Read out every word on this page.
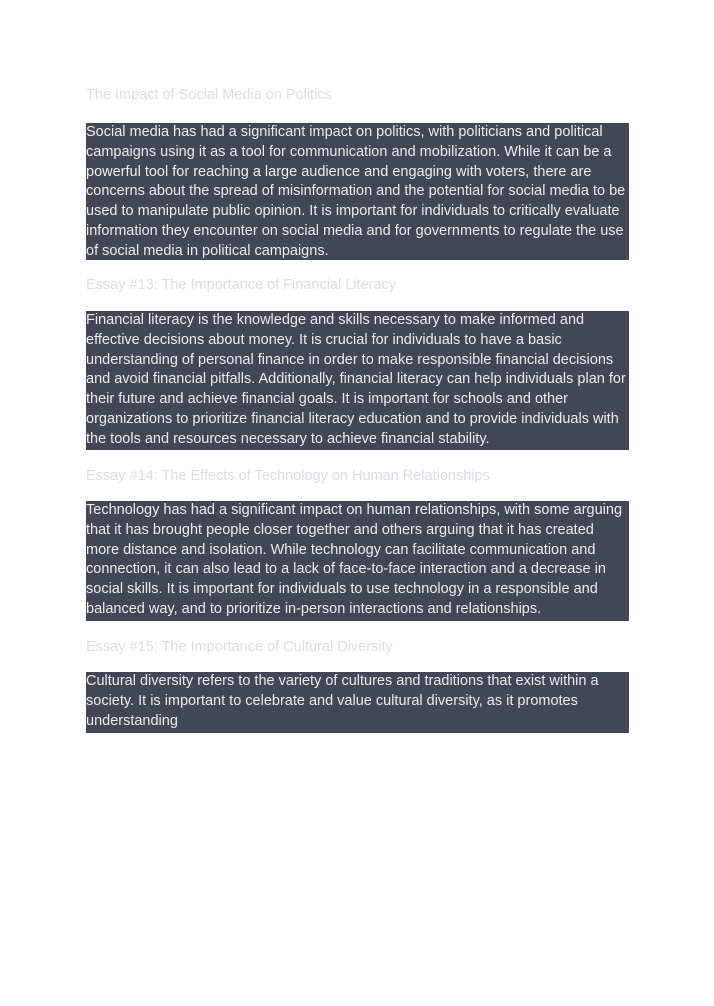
The Impact of Social Media on Politics

Social media has had a significant impact on politics, with politicians and political campaigns using it as a tool for communication and mobilization. While it can be a powerful tool for reaching a large audience and engaging with voters, there are concerns about the spread of misinformation and the potential for social media to be used to manipulate public opinion. It is important for individuals to critically evaluate information they encounter on social media and for governments to regulate the use of social media in political campaigns.

Essay #13: The Importance of Financial Literacy

Financial literacy is the knowledge and skills necessary to make informed and effective decisions about money. It is crucial for individuals to have a basic understanding of personal finance in order to make responsible financial decisions and avoid financial pitfalls. Additionally, financial literacy can help individuals plan for their future and achieve financial goals. It is important for schools and other organizations to prioritize financial literacy education and to provide individuals with the tools and resources necessary to achieve financial stability.

Essay #14: The Effects of Technology on Human Relationships

Technology has had a significant impact on human relationships, with some arguing that it has brought people closer together and others arguing that it has created more distance and isolation. While technology can facilitate communication and connection, it can also lead to a lack of face-to-face interaction and a decrease in social skills. It is important for individuals to use technology in a responsible and balanced way, and to prioritize in-person interactions and relationships.

Essay #15: The Importance of Cultural Diversity

Cultural diversity refers to the variety of cultures and traditions that exist within a society. It is important to celebrate and value cultural diversity, as it promotes understanding
